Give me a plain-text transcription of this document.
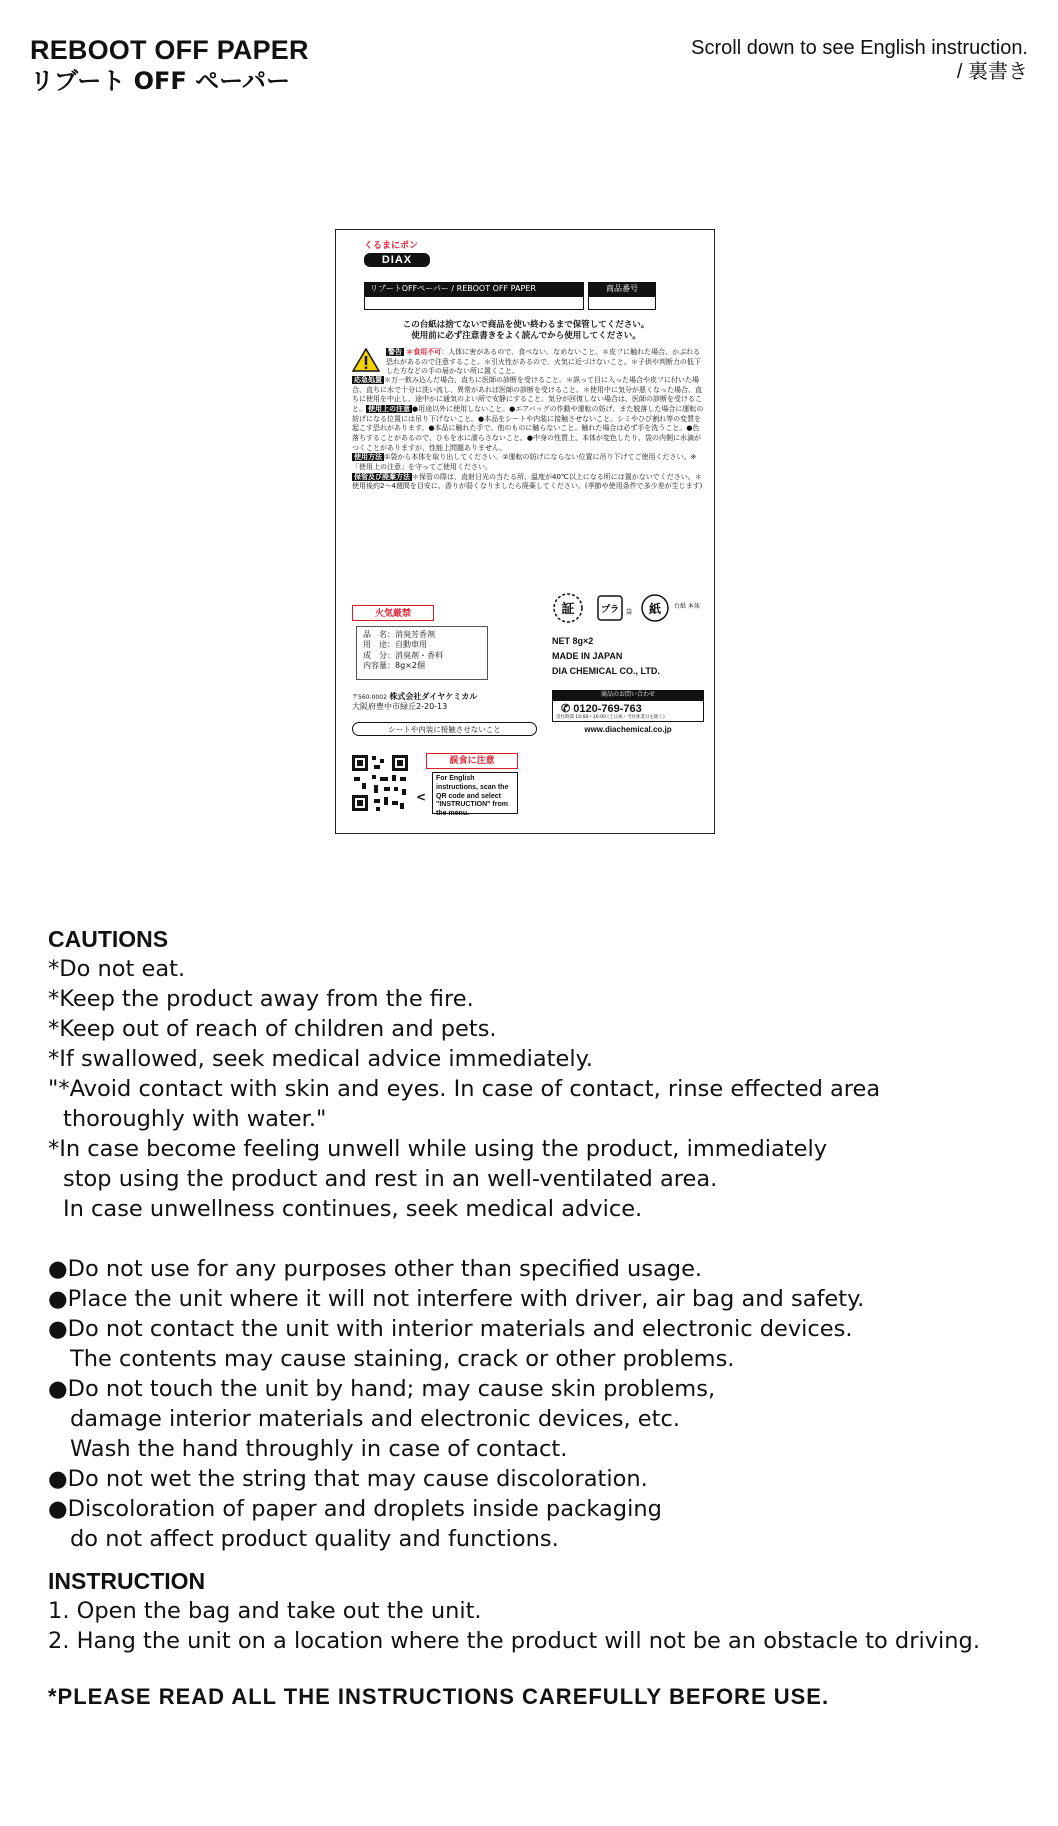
REBOOT OFF PAPER
リブート OFF ペーパー
Scroll down to see English instruction.
/ 裏書き
くるまにポン
DIAX
リブートOFFペーパー / REBOOT OFF PAPER	商品番号
この台紙は捨てないで商品を使い終わるまで保管してください。
使用前に必ず注意書きをよく読んでから使用してください。
警告 ＊食用不可：人体に害があるので、食べない、なめないこと。＊皮フに触れた場合、かぶれる恐れがあるので注意すること。＊引火性があるので、火気に近づけないこと。＊子供や判断力の低下した方などの手の届かない所に置くこと。
応急処置 ＊万一飲み込んだ場合、直ちに医師の診断を受けること。＊誤って目に入った場合や皮フに付いた場合、直ちに水で十分に洗い流し、異常があれば医師の診断を受けること。＊使用中に気分が悪くなった場合、直ちに使用を中止し、途中かに通気のよい所で安静にすること。気分が回復しない場合は、医師の診断を受けること。 使用上の注意 ●用途以外に使用しないこと。●エアバッグの作動や運転の妨げ、また脱落した場合に運転の妨げになる位置には吊り下げないこと。●本品をシートや内装に接触させないこと。シミやひび割れ等の変質を起こす恐れがあります。●本品に触れた手で、他のものに触らないこと。触れた場合は必ず手を洗うこと。●色落ちすることがあるので、ひもを水に濡らさないこと。●中身の性質上、本体が変色したり、袋の内側に水滴がつくことがありますが、性能上問題ありません。
使用方法 ①袋から本体を取り出してください。②運転の妨げにならない位置に吊り下げてご使用ください。※「使用上の注意」を守ってご使用ください。
保管及び廃棄方法 ＊保管の際は、直射日光の当たる所、温度が40℃以上になる所には置かないでください。＊使用後約2〜4週間を目安に、香りが弱くなりましたら廃棄してください。(季節や使用条件で多少差が生じます)
火気厳禁
品　名：消臭芳香剤
用　途：自動車用
成　分：消臭剤・香料
内容量：8g×2個
〒560-0002 株式会社ダイヤケミカル
大阪府豊中市緑丘2-20-13
シートや内装に接触させないこと
証	プラ 袋 紙 台紙 本体
NET 8g×2
MADE IN JAPAN
DIA CHEMICAL CO., LTD.
商品のお問い合わせ
✆ 0120-769-763
受付時間 10:00〜16:00 (土日祝・当社休業日を除く)
www.diachemical.co.jp
<
誤食に注意
For English instructions, scan the QR code and select "INSTRUCTION" from the menu.
CAUTIONS
*Do not eat.
*Keep the product away from the fire.
*Keep out of reach of children and pets.
*If swallowed, seek medical advice immediately.
"*Avoid contact with skin and eyes. In case of contact, rinse effected area
thoroughly with water."
*In case become feeling unwell while using the product, immediately
stop using the product and rest in an well-ventilated area.
In case unwellness continues, seek medical advice.
●Do not use for any purposes other than specified usage.
●Place the unit where it will not interfere with driver, air bag and safety.
●Do not contact the unit with interior materials and electronic devices.
The contents may cause staining, crack or other problems.
●Do not touch the unit by hand; may cause skin problems,
damage interior materials and electronic devices, etc.
Wash the hand throughly in case of contact.
●Do not wet the string that may cause discoloration.
●Discoloration of paper and droplets inside packaging
do not affect product quality and functions.
INSTRUCTION
1. Open the bag and take out the unit.
2. Hang the unit on a location where the product will not be an obstacle to driving.
*PLEASE READ ALL THE INSTRUCTIONS CAREFULLY BEFORE USE.
